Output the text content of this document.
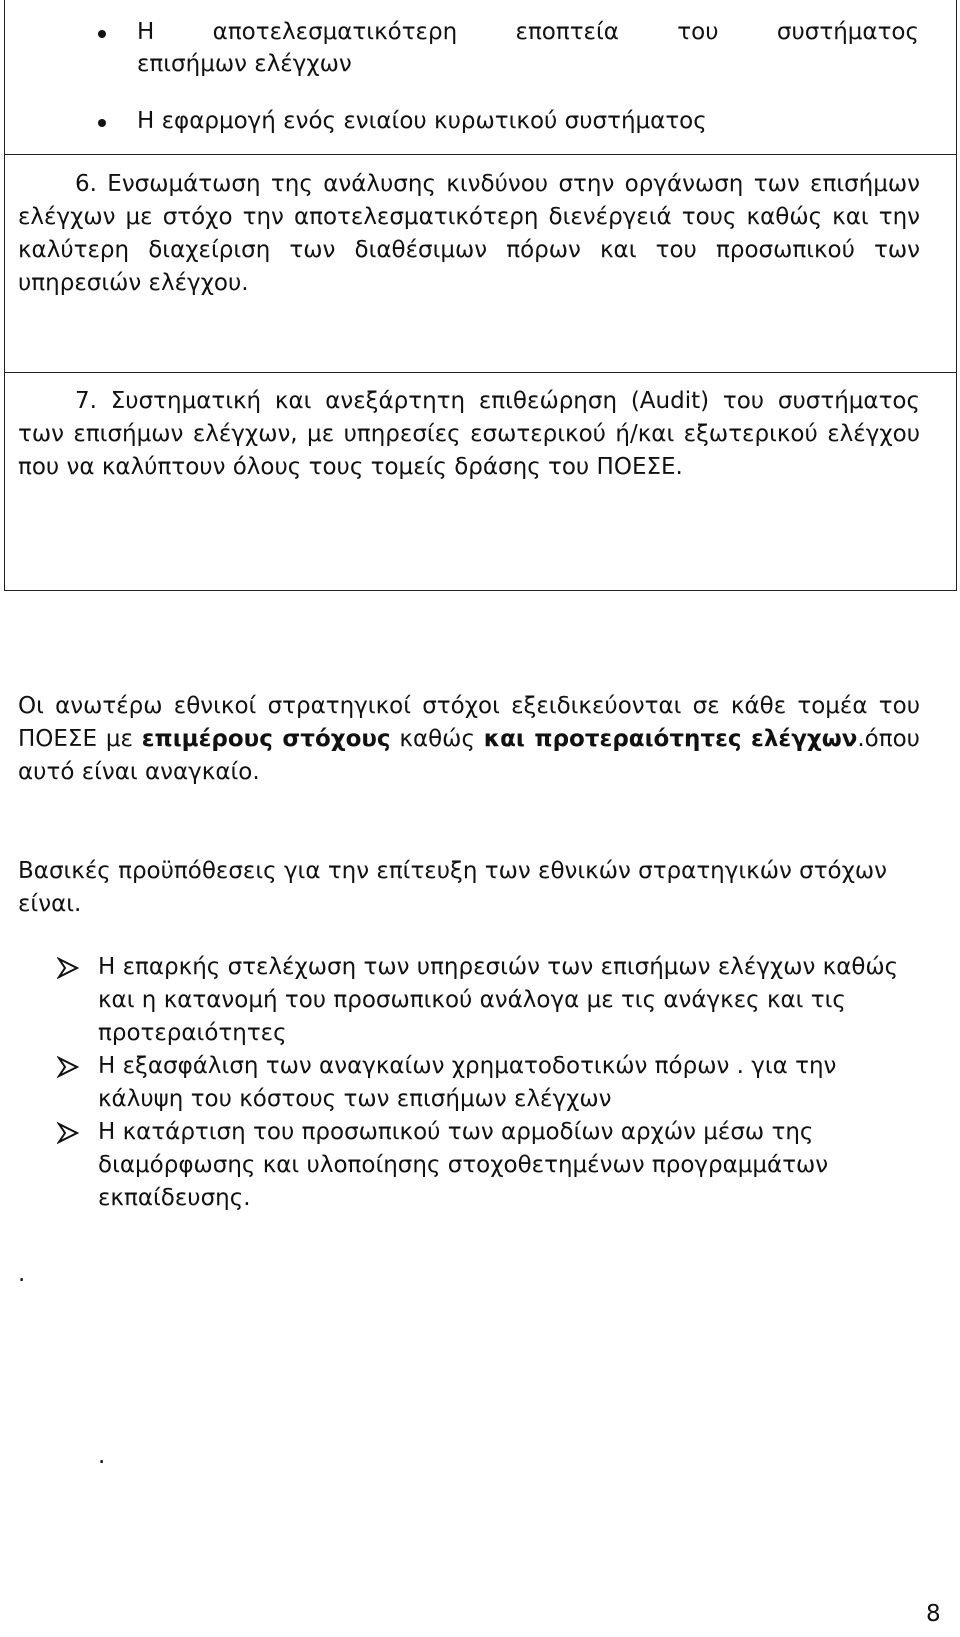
Η αποτελεσματικότερη εποπτεία του συστήματος
επισήμων ελέγχων
Η εφαρμογή ενός ενιαίου κυρωτικού συστήματος
6. Ενσωμάτωση της ανάλυσης κινδύνου στην οργάνωση των επισήμων ελέγχων με στόχο την αποτελεσματικότερη διενέργειά τους καθώς και την καλύτερη διαχείριση των διαθέσιμων πόρων και του προσωπικού των υπηρεσιών ελέγχου.
7. Συστηματική και ανεξάρτητη επιθεώρηση (Audit) του συστήματος των επισήμων ελέγχων, με υπηρεσίες εσωτερικού ή/και εξωτερικού ελέγχου που να καλύπτουν όλους τους τομείς δράσης του ΠΟΕΣΕ.
Οι ανωτέρω εθνικοί στρατηγικοί στόχοι εξειδικεύονται σε κάθε τομέα του ΠΟΕΣΕ με επιμέρους στόχους καθώς και προτεραιότητες ελέγχων.όπου αυτό είναι αναγκαίο.
Βασικές προϋπόθεσεις για την επίτευξη των εθνικών στρατηγικών στόχων είναι.
Η επαρκής στελέχωση των υπηρεσιών των επισήμων ελέγχων καθώς και η κατανομή του προσωπικού ανάλογα με τις ανάγκες και τις προτεραιότητες
Η εξασφάλιση των αναγκαίων χρηματοδοτικών πόρων . για την κάλυψη του κόστους των επισήμων ελέγχων
Η κατάρτιση του προσωπικού των αρμοδίων αρχών μέσω της διαμόρφωσης και υλοποίησης στοχοθετημένων προγραμμάτων εκπαίδευσης.
.
.
8
